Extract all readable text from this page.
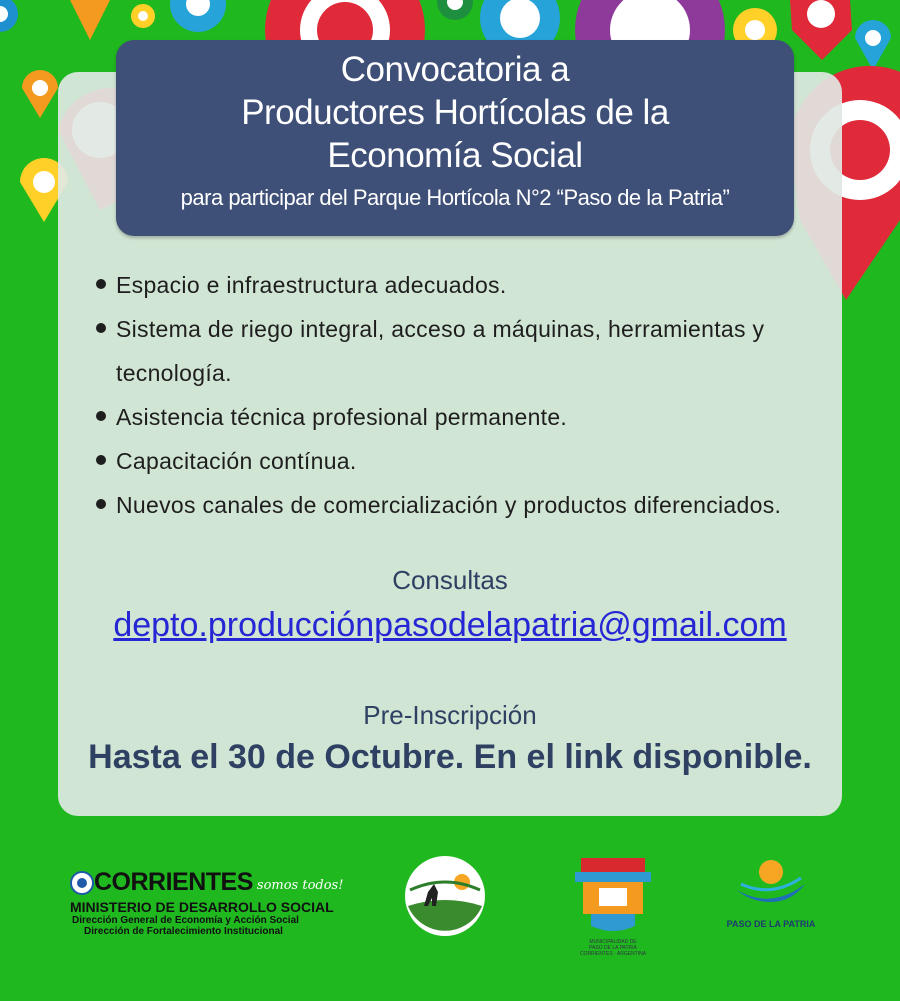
Convocatoria a
Productores Hortícolas de la
Economía Social
para participar del Parque Hortícola N°2 “Paso de la Patria”
Espacio e infraestructura adecuados.
Sistema de riego integral, acceso a máquinas, herramientas y tecnología.
Asistencia técnica profesional permanente.
Capacitación contínua.
Nuevos canales de comercialización y productos diferenciados.
Consultas
depto.producciónpasodelapatria@gmail.com
Pre-Inscripción
Hasta el 30 de Octubre. En el link disponible.
CORRIENTES somos todos!
MINISTERIO DE DESARROLLO SOCIAL
Dirección General de Economía y Acción Social
Dirección de Fortalecimiento Institucional
MUNICIPALIDAD DE
PASO DE LA PATRIA
CORRIENTES · ARGENTINA
PASO DE LA PATRIA
